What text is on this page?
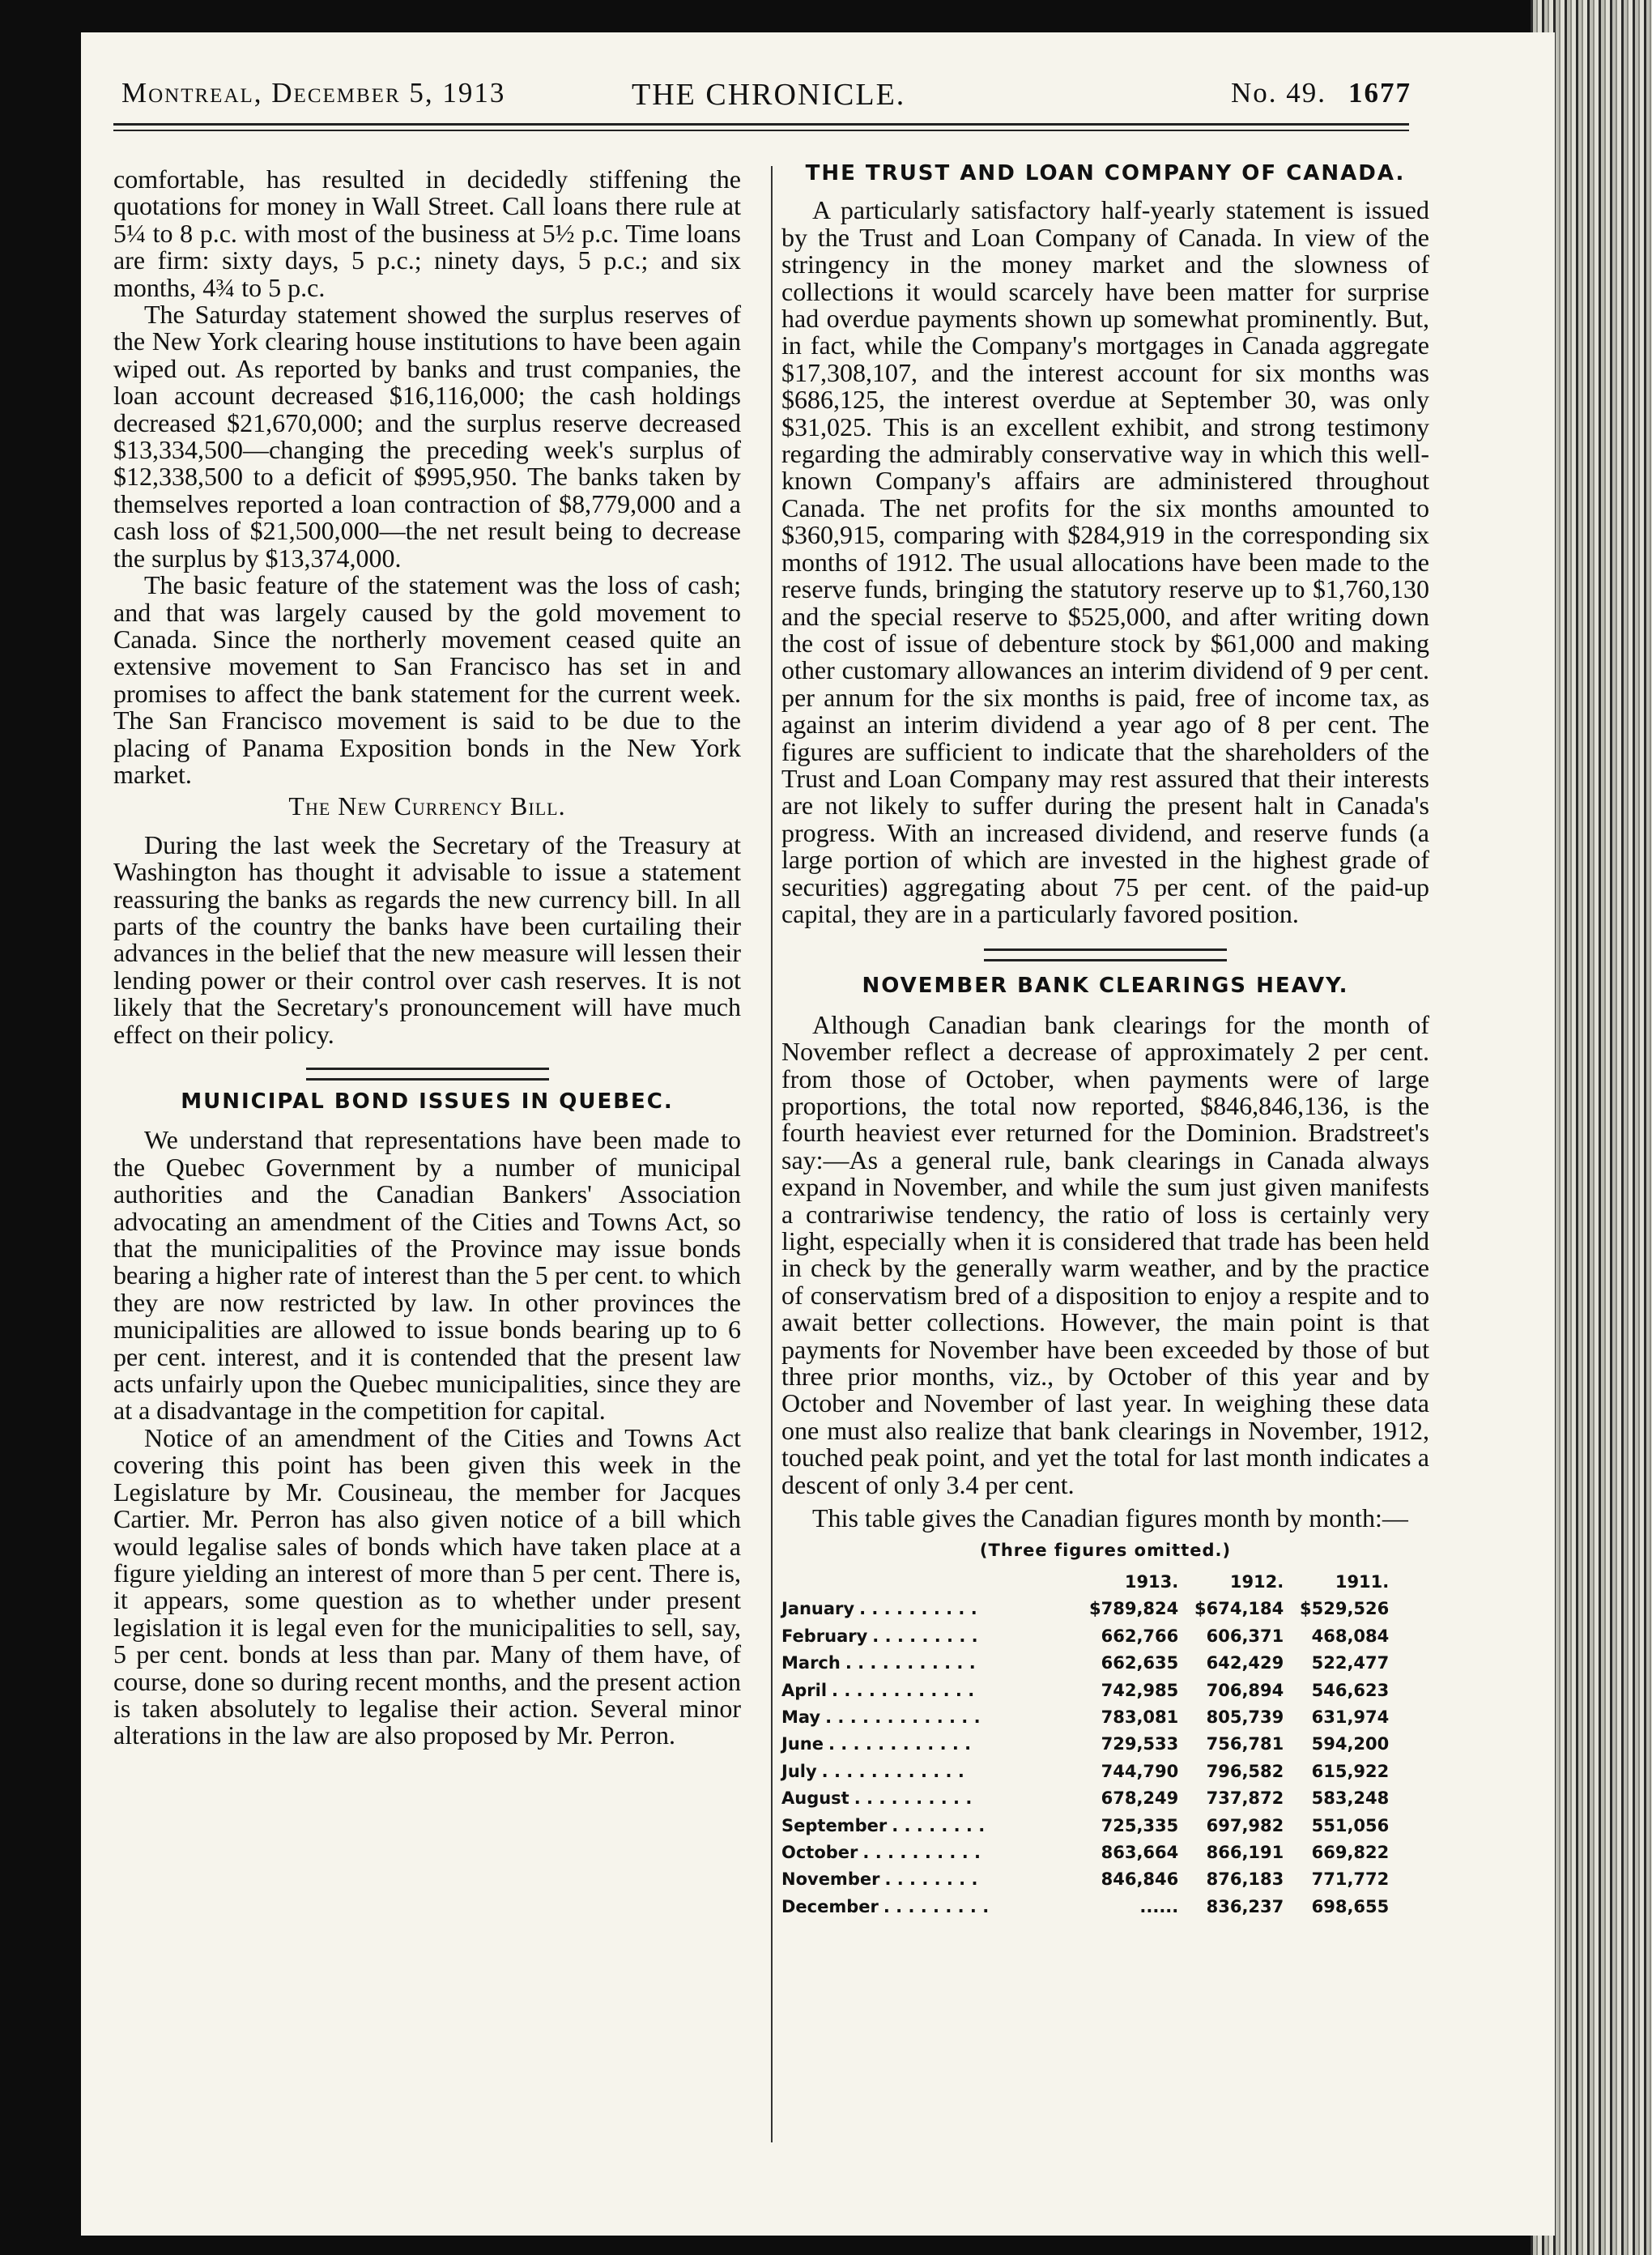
Montreal, December 5, 1913	THE CHRONICLE.	No. 49. 1677

comfortable, has resulted in decidedly stiffening the quotations for money in Wall Street. Call loans there rule at 5¼ to 8 p.c. with most of the business at 5½ p.c. Time loans are firm: sixty days, 5 p.c.; ninety days, 5 p.c.; and six months, 4¾ to 5 p.c.

The Saturday statement showed the surplus reserves of the New York clearing house institutions to have been again wiped out. As reported by banks and trust companies, the loan account decreased $16,116,000; the cash holdings decreased $21,670,000; and the surplus reserve decreased $13,334,500—changing the preceding week's surplus of $12,338,500 to a deficit of $995,950. The banks taken by themselves reported a loan contraction of $8,779,000 and a cash loss of $21,500,000—the net result being to decrease the surplus by $13,374,000.

The basic feature of the statement was the loss of cash; and that was largely caused by the gold movement to Canada. Since the northerly movement ceased quite an extensive movement to San Francisco has set in and promises to affect the bank statement for the current week. The San Francisco movement is said to be due to the placing of Panama Exposition bonds in the New York market.

The New Currency Bill.

During the last week the Secretary of the Treasury at Washington has thought it advisable to issue a statement reassuring the banks as regards the new currency bill. In all parts of the country the banks have been curtailing their advances in the belief that the new measure will lessen their lending power or their control over cash reserves. It is not likely that the Secretary's pronouncement will have much effect on their policy.

MUNICIPAL BOND ISSUES IN QUEBEC.

We understand that representations have been made to the Quebec Government by a number of municipal authorities and the Canadian Bankers' Association advocating an amendment of the Cities and Towns Act, so that the municipalities of the Province may issue bonds bearing a higher rate of interest than the 5 per cent. to which they are now restricted by law. In other provinces the municipalities are allowed to issue bonds bearing up to 6 per cent. interest, and it is contended that the present law acts unfairly upon the Quebec municipalities, since they are at a disadvantage in the competition for capital.

Notice of an amendment of the Cities and Towns Act covering this point has been given this week in the Legislature by Mr. Cousineau, the member for Jacques Cartier. Mr. Perron has also given notice of a bill which would legalise sales of bonds which have taken place at a figure yielding an interest of more than 5 per cent. There is, it appears, some question as to whether under present legislation it is legal even for the municipalities to sell, say, 5 per cent. bonds at less than par. Many of them have, of course, done so during recent months, and the present action is taken absolutely to legalise their action. Several minor alterations in the law are also proposed by Mr. Perron.

THE TRUST AND LOAN COMPANY OF CANADA.

A particularly satisfactory half-yearly statement is issued by the Trust and Loan Company of Canada. In view of the stringency in the money market and the slowness of collections it would scarcely have been matter for surprise had overdue payments shown up somewhat prominently. But, in fact, while the Company's mortgages in Canada aggregate $17,308,107, and the interest account for six months was $686,125, the interest overdue at September 30, was only $31,025. This is an excellent exhibit, and strong testimony regarding the admirably conservative way in which this well-known Company's affairs are administered throughout Canada. The net profits for the six months amounted to $360,915, comparing with $284,919 in the corresponding six months of 1912. The usual allocations have been made to the reserve funds, bringing the statutory reserve up to $1,760,130 and the special reserve to $525,000, and after writing down the cost of issue of debenture stock by $61,000 and making other customary allowances an interim dividend of 9 per cent. per annum for the six months is paid, free of income tax, as against an interim dividend a year ago of 8 per cent. The figures are sufficient to indicate that the shareholders of the Trust and Loan Company may rest assured that their interests are not likely to suffer during the present halt in Canada's progress. With an increased dividend, and reserve funds (a large portion of which are invested in the highest grade of securities) aggregating about 75 per cent. of the paid-up capital, they are in a particularly favored position.

NOVEMBER BANK CLEARINGS HEAVY.

Although Canadian bank clearings for the month of November reflect a decrease of approximately 2 per cent. from those of October, when payments were of large proportions, the total now reported, $846,846,136, is the fourth heaviest ever returned for the Dominion. Bradstreet's say:—As a general rule, bank clearings in Canada always expand in November, and while the sum just given manifests a contrariwise tendency, the ratio of loss is certainly very light, especially when it is considered that trade has been held in check by the generally warm weather, and by the practice of conservatism bred of a disposition to enjoy a respite and to await better collections. However, the main point is that payments for November have been exceeded by those of but three prior months, viz., by October of this year and by October and November of last year. In weighing these data one must also realize that bank clearings in November, 1912, touched peak point, and yet the total for last month indicates a descent of only 3.4 per cent.

This table gives the Canadian figures month by month:—

(Three figures omitted.)
	1913.	1912.	1911.
January . . . . . . . . . .	$789,824	$674,184	$529,526
February . . . . . . . . .	662,766	606,371	468,084
March . . . . . . . . . . .	662,635	642,429	522,477
April . . . . . . . . . . . .	742,985	706,894	546,623
May . . . . . . . . . . . . .	783,081	805,739	631,974
June . . . . . . . . . . . .	729,533	756,781	594,200
July . . . . . . . . . . . .	744,790	796,582	615,922
August . . . . . . . . . .	678,249	737,872	583,248
September . . . . . . . .	725,335	697,982	551,056
October . . . . . . . . . .	863,664	866,191	669,822
November . . . . . . . .	846,846	876,183	771,772
December . . . . . . . . .	......	836,237	698,655
